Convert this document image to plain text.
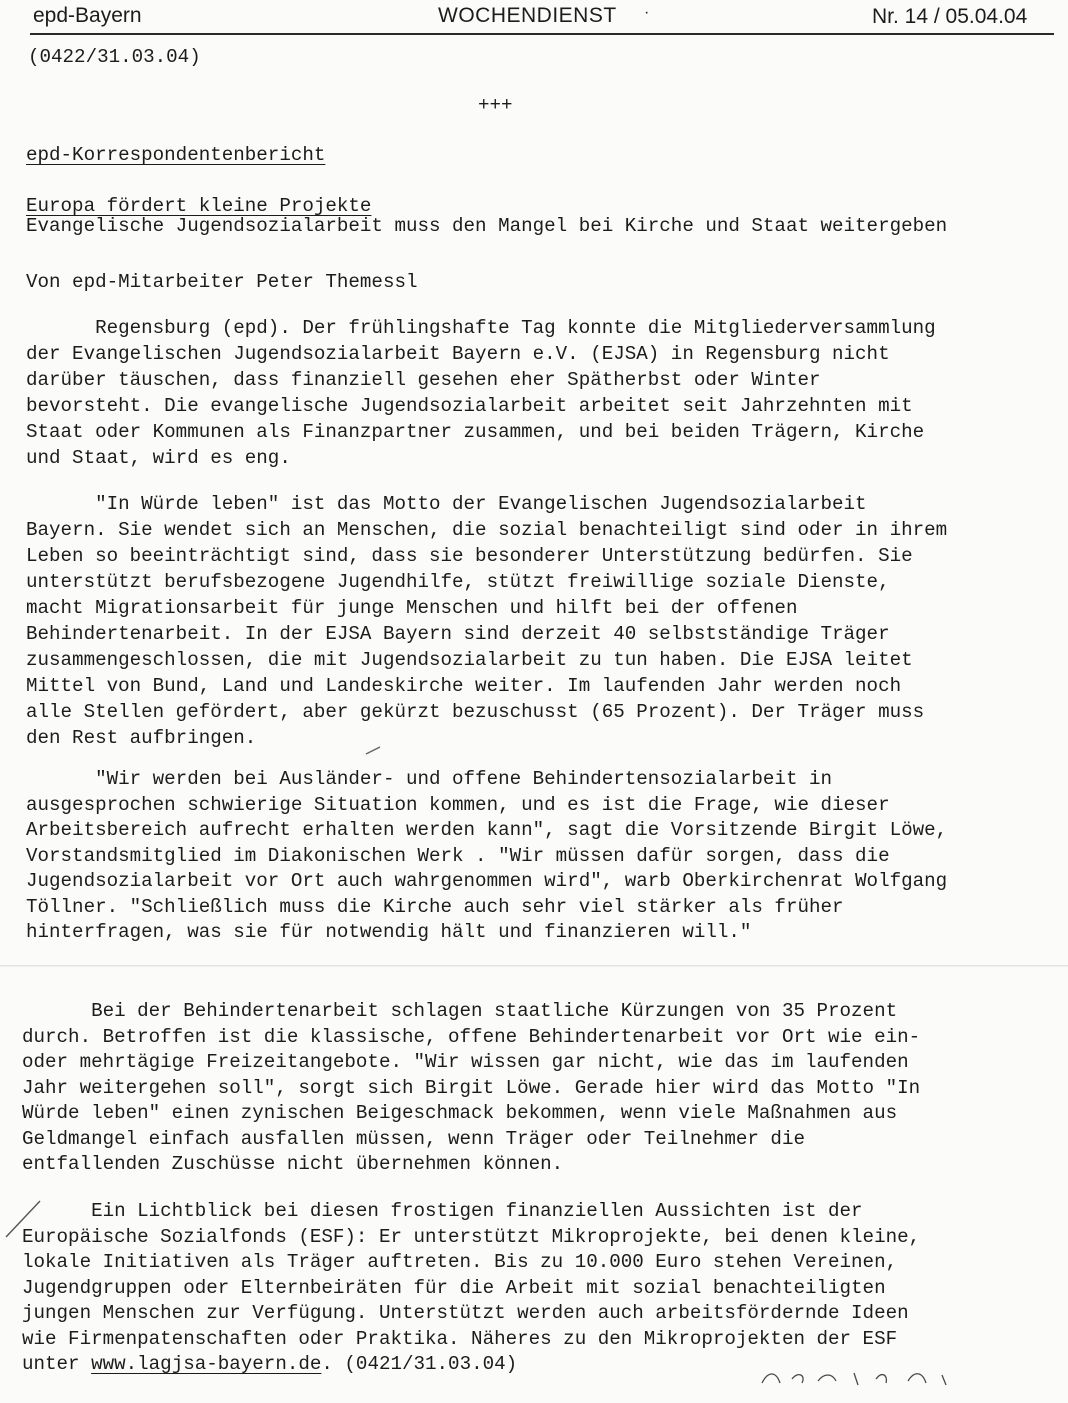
epd-Bayern	WOCHENDIENST ·	Nr. 14 / 05.04.04
(0422/31.03.04)
+++
epd-Korrespondentenbericht
Europa fördert kleine Projekte
Evangelische Jugendsozialarbeit muss den Mangel bei Kirche und Staat weitergeben
Von epd-Mitarbeiter Peter Themessl

Regensburg (epd). Der frühlingshafte Tag konnte die Mitgliederversammlung

der Evangelischen Jugendsozialarbeit Bayern e.V. (EJSA) in Regensburg nicht

darüber täuschen, dass finanziell gesehen eher Spätherbst oder Winter

bevorsteht. Die evangelische Jugendsozialarbeit arbeitet seit Jahrzehnten mit

Staat oder Kommunen als Finanzpartner zusammen, und bei beiden Trägern, Kirche

und Staat, wird es eng.

"In Würde leben" ist das Motto der Evangelischen Jugendsozialarbeit

Bayern. Sie wendet sich an Menschen, die sozial benachteiligt sind oder in ihrem

Leben so beeinträchtigt sind, dass sie besonderer Unterstützung bedürfen. Sie

unterstützt berufsbezogene Jugendhilfe, stützt freiwillige soziale Dienste,

macht Migrationsarbeit für junge Menschen und hilft bei der offenen

Behindertenarbeit. In der EJSA Bayern sind derzeit 40 selbstständige Träger

zusammengeschlossen, die mit Jugendsozialarbeit zu tun haben. Die EJSA leitet

Mittel von Bund, Land und Landeskirche weiter. Im laufenden Jahr werden noch

alle Stellen gefördert, aber gekürzt bezuschusst (65 Prozent). Der Träger muss

den Rest aufbringen.

"Wir werden bei Ausländer- und offene Behindertensozialarbeit in

ausgesprochen schwierige Situation kommen, und es ist die Frage, wie dieser

Arbeitsbereich aufrecht erhalten werden kann", sagt die Vorsitzende Birgit Löwe,

Vorstandsmitglied im Diakonischen Werk . "Wir müssen dafür sorgen, dass die

Jugendsozialarbeit vor Ort auch wahrgenommen wird", warb Oberkirchenrat Wolfgang

Töllner. "Schließlich muss die Kirche auch sehr viel stärker als früher

hinterfragen, was sie für notwendig hält und finanzieren will."

Bei der Behindertenarbeit schlagen staatliche Kürzungen von 35 Prozent

durch. Betroffen ist die klassische, offene Behindertenarbeit vor Ort wie ein-

oder mehrtägige Freizeitangebote. "Wir wissen gar nicht, wie das im laufenden

Jahr weitergehen soll", sorgt sich Birgit Löwe. Gerade hier wird das Motto "In

Würde leben" einen zynischen Beigeschmack bekommen, wenn viele Maßnahmen aus

Geldmangel einfach ausfallen müssen, wenn Träger oder Teilnehmer die

entfallenden Zuschüsse nicht übernehmen können.

Ein Lichtblick bei diesen frostigen finanziellen Aussichten ist der

Europäische Sozialfonds (ESF): Er unterstützt Mikroprojekte, bei denen kleine,

lokale Initiativen als Träger auftreten. Bis zu 10.000 Euro stehen Vereinen,

Jugendgruppen oder Elternbeiräten für die Arbeit mit sozial benachteiligten

jungen Menschen zur Verfügung. Unterstützt werden auch arbeitsfördernde Ideen

wie Firmenpatenschaften oder Praktika. Näheres zu den Mikroprojekten der ESF

unter www.lagjsa-bayern.de. (0421/31.03.04)
